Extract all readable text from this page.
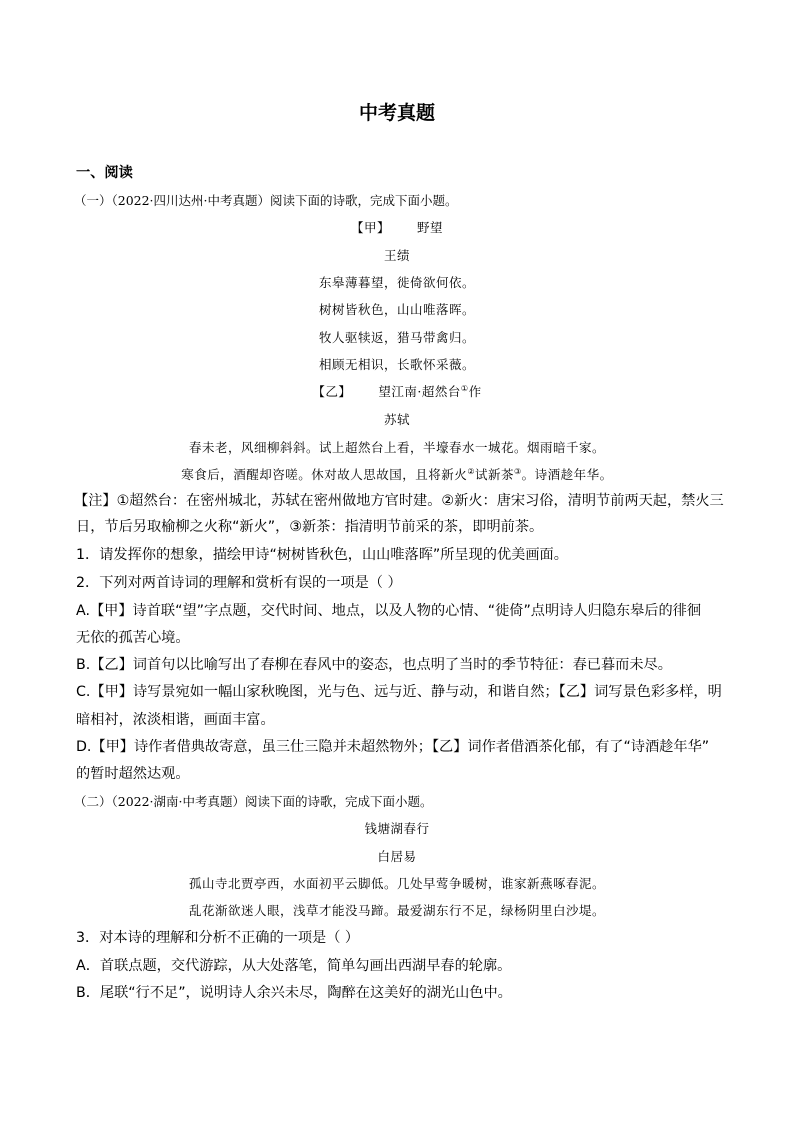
中考真题
一、阅读
（一）（2022·四川达州·中考真题）阅读下面的诗歌，完成下面小题。
【甲】 野望
王绩
东皋薄暮望，徙倚欲何依。
树树皆秋色，山山唯落晖。
牧人驱犊返，猎马带禽归。
相顾无相识，长歌怀采薇。
【乙】 望江南·超然台①作
苏轼
春未老，风细柳斜斜。试上超然台上看，半壕春水一城花。烟雨暗千家。
寒食后，酒醒却咨嗟。休对故人思故国，且将新火②试新茶③。诗酒趁年华。
【注】①超然台：在密州城北，苏轼在密州做地方官时建。②新火：唐宋习俗，清明节前两天起，禁火三
日，节后另取榆柳之火称“新火”，③新茶：指清明节前采的茶，即明前茶。
1．请发挥你的想象，描绘甲诗“树树皆秋色，山山唯落晖”所呈现的优美画面。
2．下列对两首诗词的理解和赏析有误的一项是（ ）
A.【甲】诗首联“望”字点题，交代时间、地点，以及人物的心情、“徙倚”点明诗人归隐东皋后的徘徊
无依的孤苦心境。
B.【乙】词首句以比喻写出了春柳在春风中的姿态，也点明了当时的季节特征：春已暮而未尽。
C.【甲】诗写景宛如一幅山家秋晚图，光与色、远与近、静与动，和谐自然；【乙】词写景色彩多样，明
暗相衬，浓淡相谐，画面丰富。
D.【甲】诗作者借典故寄意，虽三仕三隐并未超然物外；【乙】词作者借酒茶化郁，有了“诗酒趁年华”
的暂时超然达观。
（二）（2022·湖南·中考真题）阅读下面的诗歌，完成下面小题。
钱塘湖春行
白居易
孤山寺北贾亭西，水面初平云脚低。几处早莺争暖树，谁家新燕啄春泥。
乱花渐欲迷人眼，浅草才能没马蹄。最爱湖东行不足，绿杨阴里白沙堤。
3．对本诗的理解和分析不正确的一项是（ ）
A．首联点题，交代游踪，从大处落笔，简单勾画出西湖早春的轮廓。
B．尾联“行不足”，说明诗人余兴未尽，陶醉在这美好的湖光山色中。
